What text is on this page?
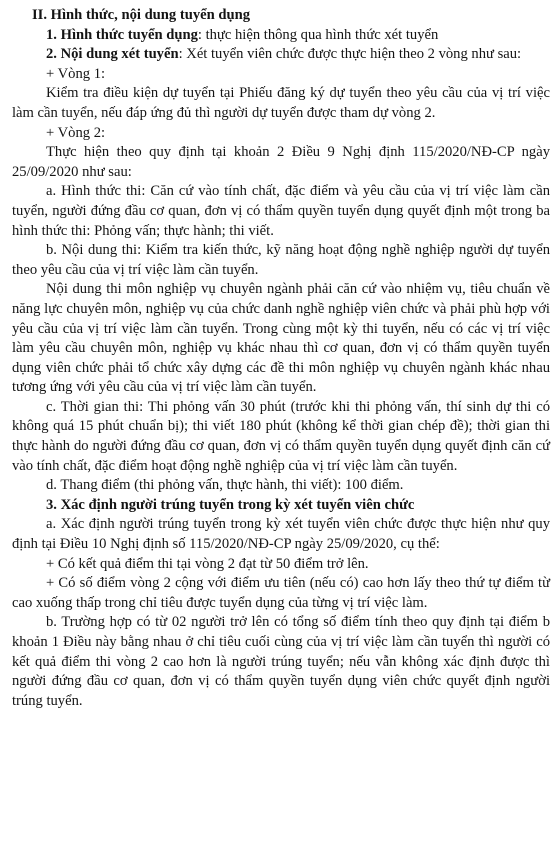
II. Hình thức, nội dung tuyển dụng

1. Hình thức tuyển dụng: thực hiện thông qua hình thức xét tuyển

2. Nội dung xét tuyển: Xét tuyển viên chức được thực hiện theo 2 vòng như sau:

+ Vòng 1:

Kiểm tra điều kiện dự tuyển tại Phiếu đăng ký dự tuyển theo yêu cầu của vị trí việc làm cần tuyển, nếu đáp ứng đủ thì người dự tuyển được tham dự vòng 2.

+ Vòng 2:

Thực hiện theo quy định tại khoản 2 Điều 9 Nghị định 115/2020/NĐ-CP ngày 25/09/2020 như sau:

a. Hình thức thi: Căn cứ vào tính chất, đặc điểm và yêu cầu của vị trí việc làm cần tuyển, người đứng đầu cơ quan, đơn vị có thẩm quyền tuyển dụng quyết định một trong ba hình thức thi: Phỏng vấn; thực hành; thi viết.

b. Nội dung thi: Kiểm tra kiến thức, kỹ năng hoạt động nghề nghiệp người dự tuyển theo yêu cầu của vị trí việc làm cần tuyển.

Nội dung thi môn nghiệp vụ chuyên ngành phải căn cứ vào nhiệm vụ, tiêu chuẩn về năng lực chuyên môn, nghiệp vụ của chức danh nghề nghiệp viên chức và phải phù hợp với yêu cầu của vị trí việc làm cần tuyển. Trong cùng một kỳ thi tuyển, nếu có các vị trí việc làm yêu cầu chuyên môn, nghiệp vụ khác nhau thì cơ quan, đơn vị có thẩm quyền tuyển dụng viên chức phải tổ chức xây dựng các đề thi môn nghiệp vụ chuyên ngành khác nhau tương ứng với yêu cầu của vị trí việc làm cần tuyển.

c. Thời gian thi: Thi phỏng vấn 30 phút (trước khi thi phỏng vấn, thí sinh dự thi có không quá 15 phút chuẩn bị); thi viết 180 phút (không kể thời gian chép đề); thời gian thi thực hành do người đứng đầu cơ quan, đơn vị có thẩm quyền tuyển dụng quyết định căn cứ vào tính chất, đặc điểm hoạt động nghề nghiệp của vị trí việc làm cần tuyển.

d. Thang điểm (thi phỏng vấn, thực hành, thi viết): 100 điểm.

3. Xác định người trúng tuyển trong kỳ xét tuyển viên chức

a. Xác định người trúng tuyển trong kỳ xét tuyển viên chức được thực hiện như quy định tại Điều 10 Nghị định số 115/2020/NĐ-CP ngày 25/09/2020, cụ thể:

+ Có kết quả điểm thi tại vòng 2 đạt từ 50 điểm trở lên.

+ Có số điểm vòng 2 cộng với điểm ưu tiên (nếu có) cao hơn lấy theo thứ tự điểm từ cao xuống thấp trong chỉ tiêu được tuyển dụng của từng vị trí việc làm.

b. Trường hợp có từ 02 người trở lên có tổng số điểm tính theo quy định tại điểm b khoản 1 Điều này bằng nhau ở chỉ tiêu cuối cùng của vị trí việc làm cần tuyển thì người có kết quả điểm thi vòng 2 cao hơn là người trúng tuyển; nếu vẫn không xác định được thì người đứng đầu cơ quan, đơn vị có thẩm quyền tuyển dụng viên chức quyết định người trúng tuyển.
